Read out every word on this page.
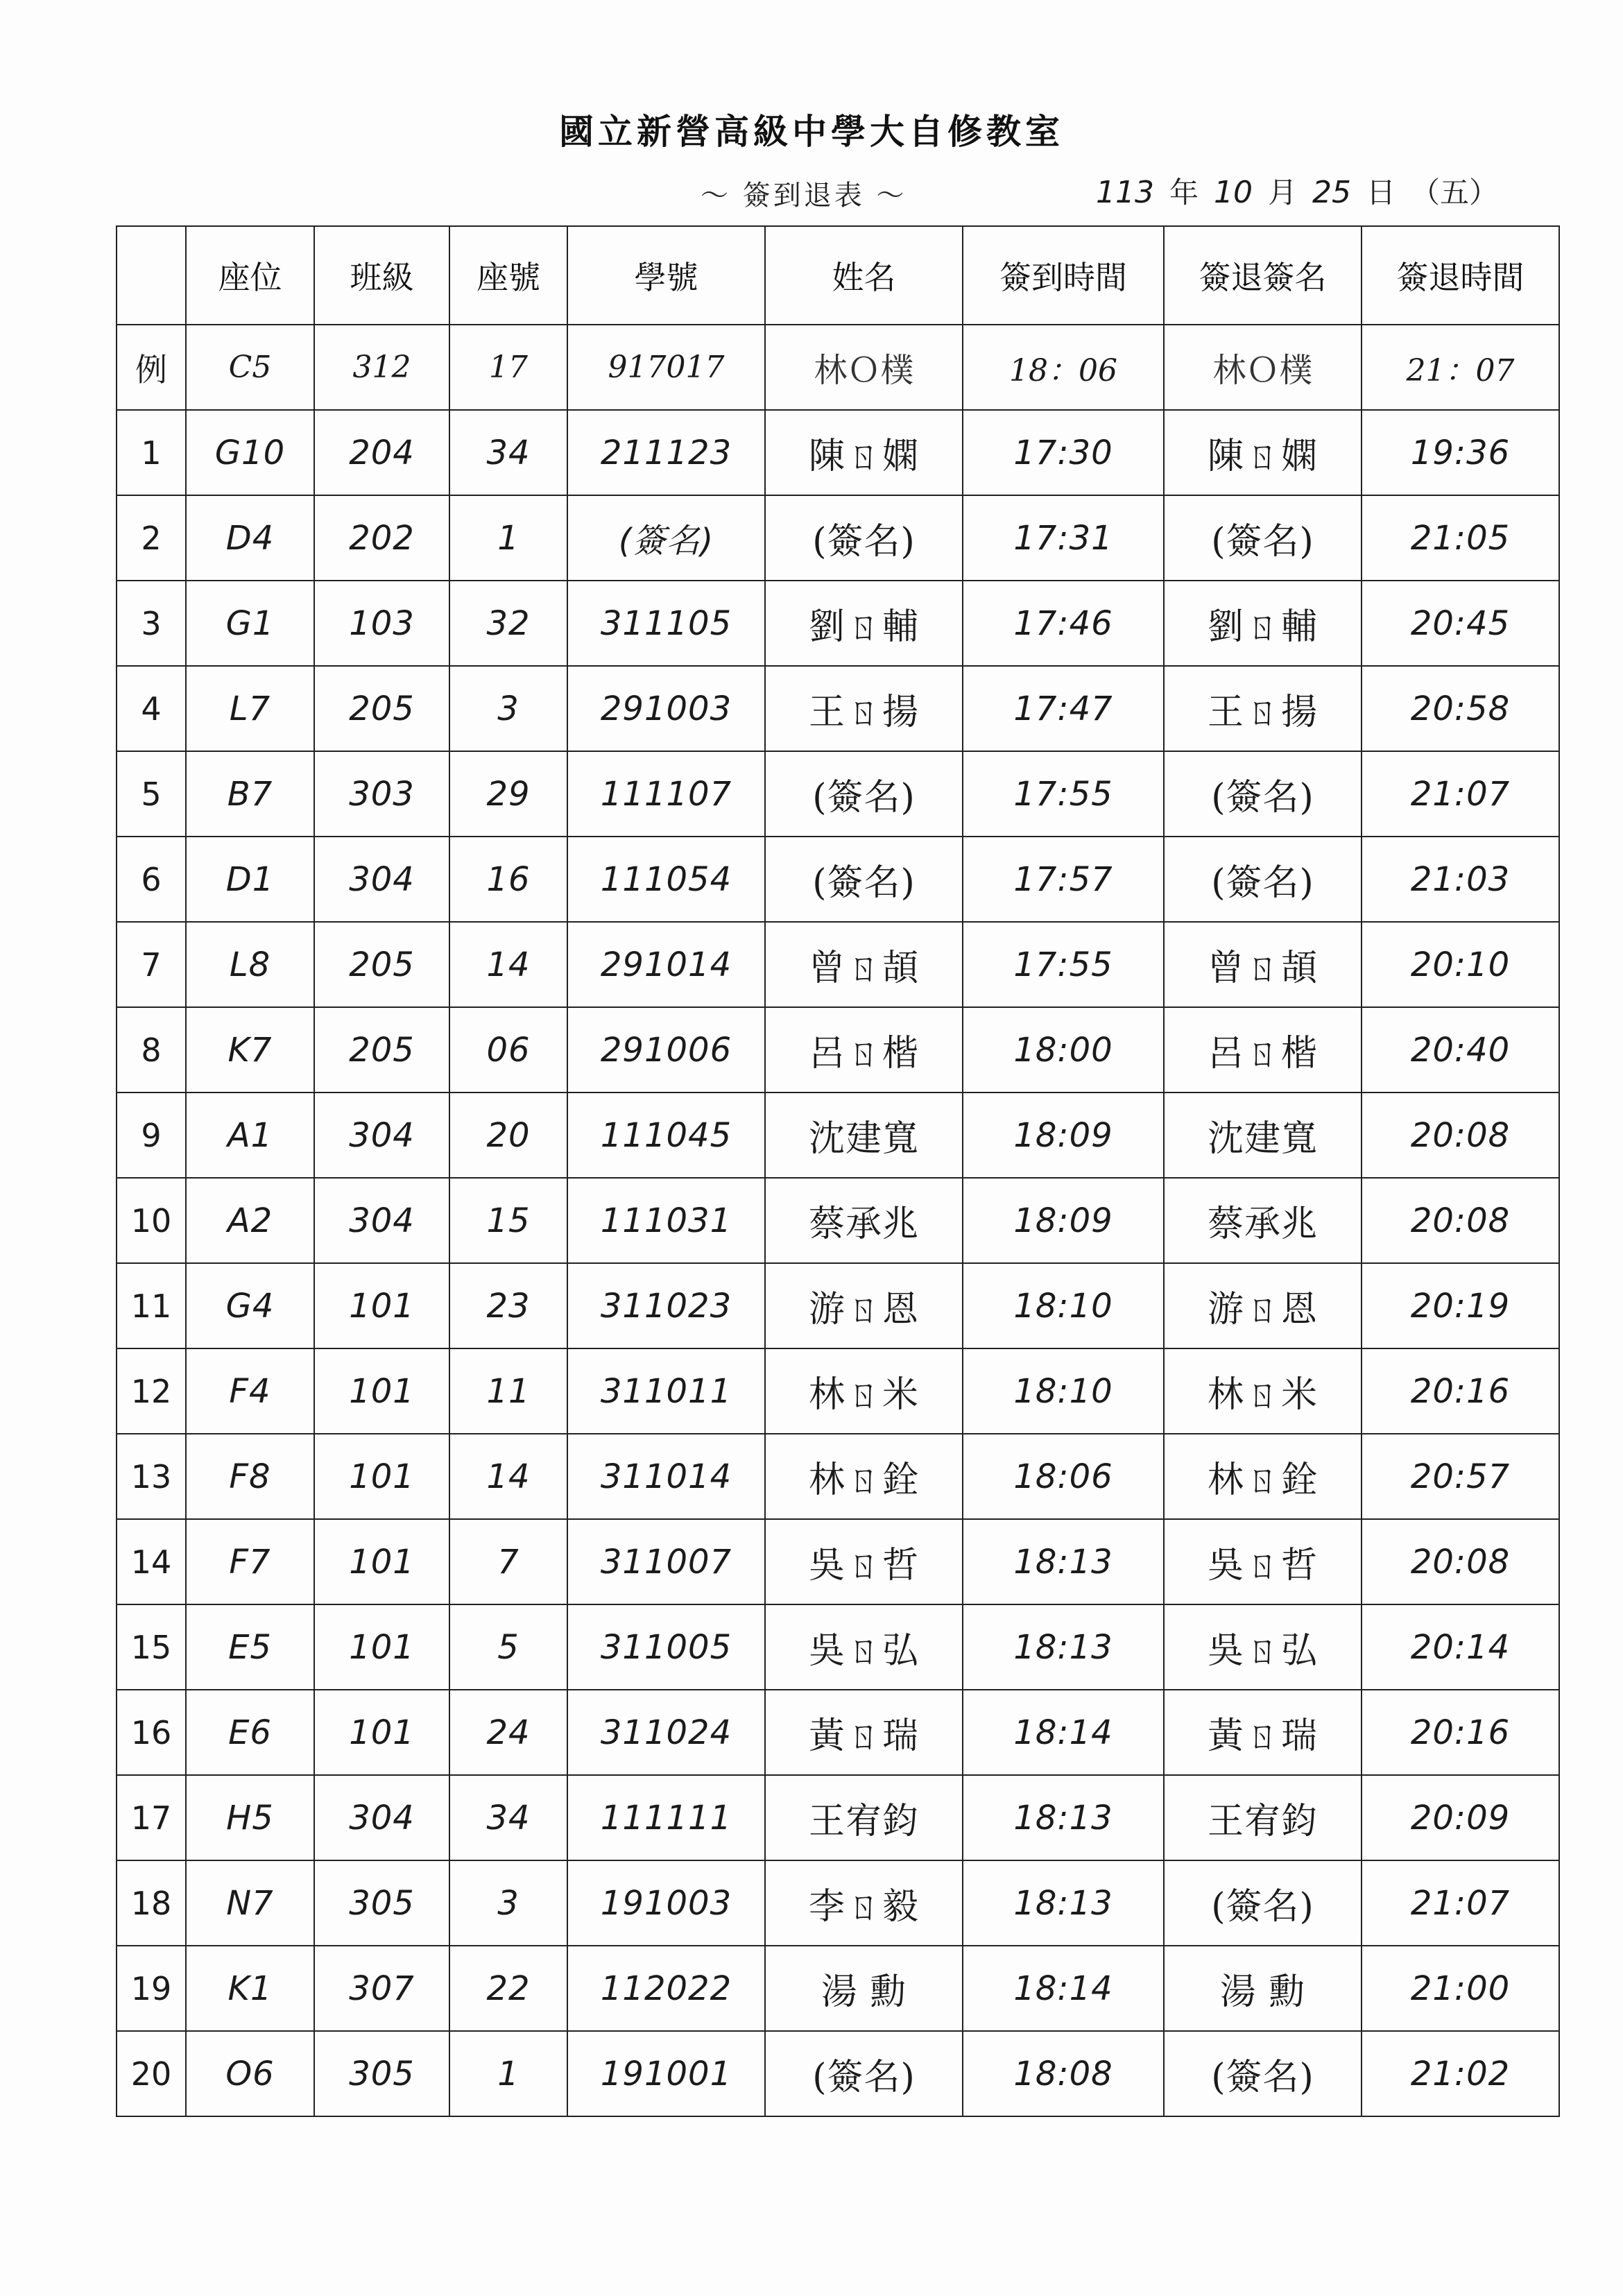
國立新營高級中學大自修教室
～ 簽到退表 ～	113 年 10 月 25 日 （五）
	座位	班級	座號	學號	姓名	簽到時間	簽退簽名	簽退時間
例	C5	312	17	917017	林Ｏ樸	18：06	林Ｏ樸	21：07
1	G10	204	34	211123	陳ㄖ嫻	17:30	陳ㄖ嫻	19:36
2	D4	202	1	(簽名)	(簽名)	17:31	(簽名)	21:05
3	G1	103	32	311105	劉ㄖ輔	17:46	劉ㄖ輔	20:45
4	L7	205	3	291003	王ㄖ揚	17:47	王ㄖ揚	20:58
5	B7	303	29	111107	(簽名)	17:55	(簽名)	21:07
6	D1	304	16	111054	(簽名)	17:57	(簽名)	21:03
7	L8	205	14	291014	曾ㄖ頡	17:55	曾ㄖ頡	20:10
8	K7	205	06	291006	呂ㄖ楷	18:00	呂ㄖ楷	20:40
9	A1	304	20	111045	沈建寬	18:09	沈建寬	20:08
10	A2	304	15	111031	蔡承兆	18:09	蔡承兆	20:08
11	G4	101	23	311023	游ㄖ恩	18:10	游ㄖ恩	20:19
12	F4	101	11	311011	林ㄖ米	18:10	林ㄖ米	20:16
13	F8	101	14	311014	林ㄖ銓	18:06	林ㄖ銓	20:57
14	F7	101	7	311007	吳ㄖ哲	18:13	吳ㄖ哲	20:08
15	E5	101	5	311005	吳ㄖ弘	18:13	吳ㄖ弘	20:14
16	E6	101	24	311024	黃ㄖ瑞	18:14	黃ㄖ瑞	20:16
17	H5	304	34	111111	王宥鈞	18:13	王宥鈞	20:09
18	N7	305	3	191003	李ㄖ毅	18:13	(簽名)	21:07
19	K1	307	22	112022	湯 勳	18:14	湯 勳	21:00
20	O6	305	1	191001	(簽名)	18:08	(簽名)	21:02
